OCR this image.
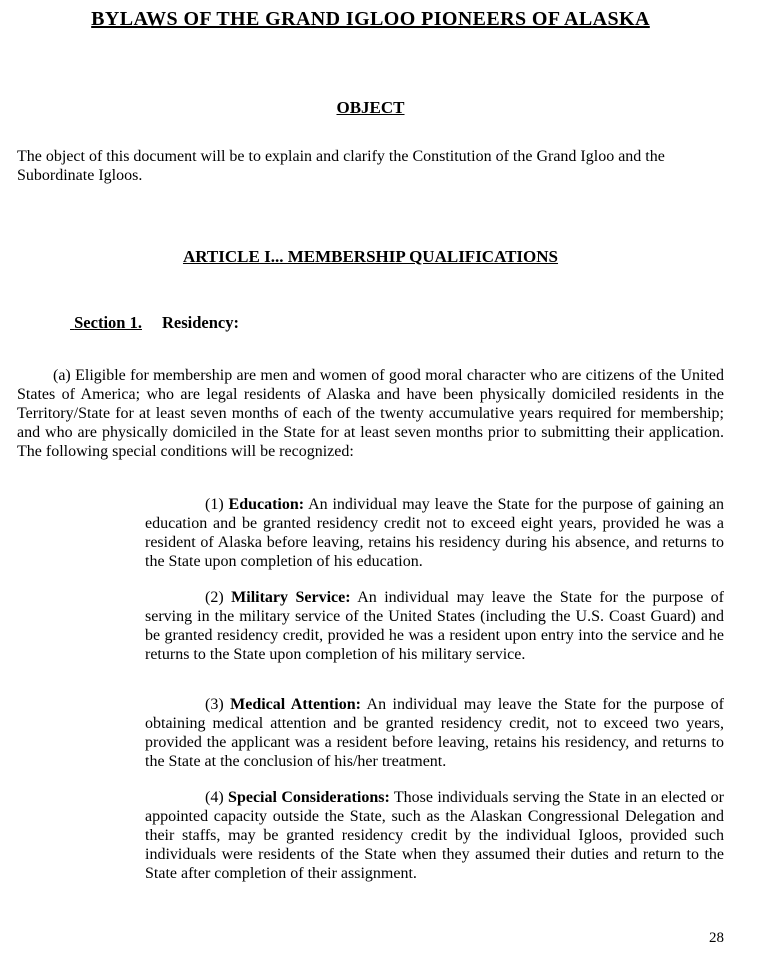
BYLAWS OF THE GRAND IGLOO PIONEERS OF ALASKA
OBJECT

The object of this document will be to explain and clarify the Constitution of the Grand Igloo and the Subordinate Igloos.

ARTICLE I... MEMBERSHIP QUALIFICATIONS

Section 1. Residency:

(a) Eligible for membership are men and women of good moral character who are citizens of the United States of America; who are legal residents of Alaska and have been physically domiciled residents in the Territory/State for at least seven months of each of the twenty accumulative years required for membership; and who are physically domiciled in the State for at least seven months prior to submitting their application. The following special conditions will be recognized:

(1) Education: An individual may leave the State for the purpose of gaining an education and be granted residency credit not to exceed eight years, provided he was a resident of Alaska before leaving, retains his residency during his absence, and returns to the State upon completion of his education.

(2) Military Service: An individual may leave the State for the purpose of serving in the military service of the United States (including the U.S. Coast Guard) and be granted residency credit, provided he was a resident upon entry into the service and he returns to the State upon completion of his military service.

(3) Medical Attention: An individual may leave the State for the purpose of obtaining medical attention and be granted residency credit, not to exceed two years, provided the applicant was a resident before leaving, retains his residency, and returns to the State at the conclusion of his/her treatment.

(4) Special Considerations: Those individuals serving the State in an elected or appointed capacity outside the State, such as the Alaskan Congressional Delegation and their staffs, may be granted residency credit by the individual Igloos, provided such individuals were residents of the State when they assumed their duties and return to the State after completion of their assignment.

28
